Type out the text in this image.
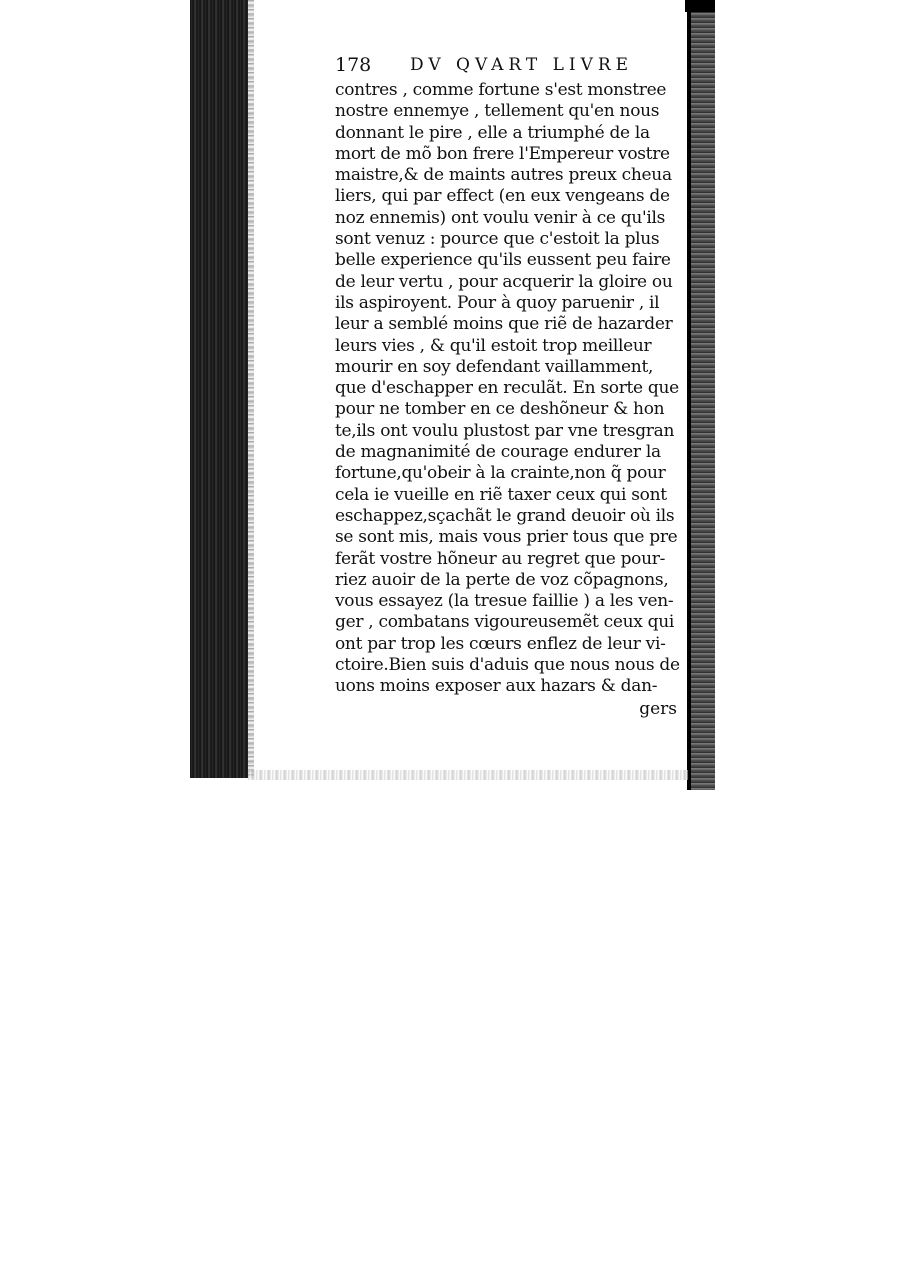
178 DV QVART LIVRE
contres , comme fortune s'est monstree
nostre ennemye , tellement qu'en nous
donnant le pire , elle a triumphé de la
mort de mõ bon frere l'Empereur vostre
maistre,& de maints autres preux cheua
liers, qui par effect (en eux vengeans de
noz ennemis) ont voulu venir à ce qu'ils
sont venuz : pource que c'estoit la plus
belle experience qu'ils eussent peu faire
de leur vertu , pour acquerir la gloire ou
ils aspiroyent. Pour à quoy paruenir , il
leur a semblé moins que riẽ de hazarder
leurs vies , & qu'il estoit trop meilleur
mourir en soy defendant vaillamment,
que d'eschapper en reculãt. En sorte que
pour ne tomber en ce deshõneur & hon
te,ils ont voulu plustost par vne tresgran
de magnanimité de courage endurer la
fortune,qu'obeir à la crainte,non q̃ pour
cela ie vueille en riẽ taxer ceux qui sont
eschappez,sçachãt le grand deuoir où ils
se sont mis, mais vous prier tous que pre
ferãt vostre hõneur au regret que pour-
riez auoir de la perte de voz cõpagnons,
vous essayez (la tresue faillie ) a les ven-
ger , combatans vigoureusemẽt ceux qui
ont par trop les cœurs enflez de leur vi-
ctoire.Bien suis d'aduis que nous nous de
uons moins exposer aux hazars & dan-
gers
